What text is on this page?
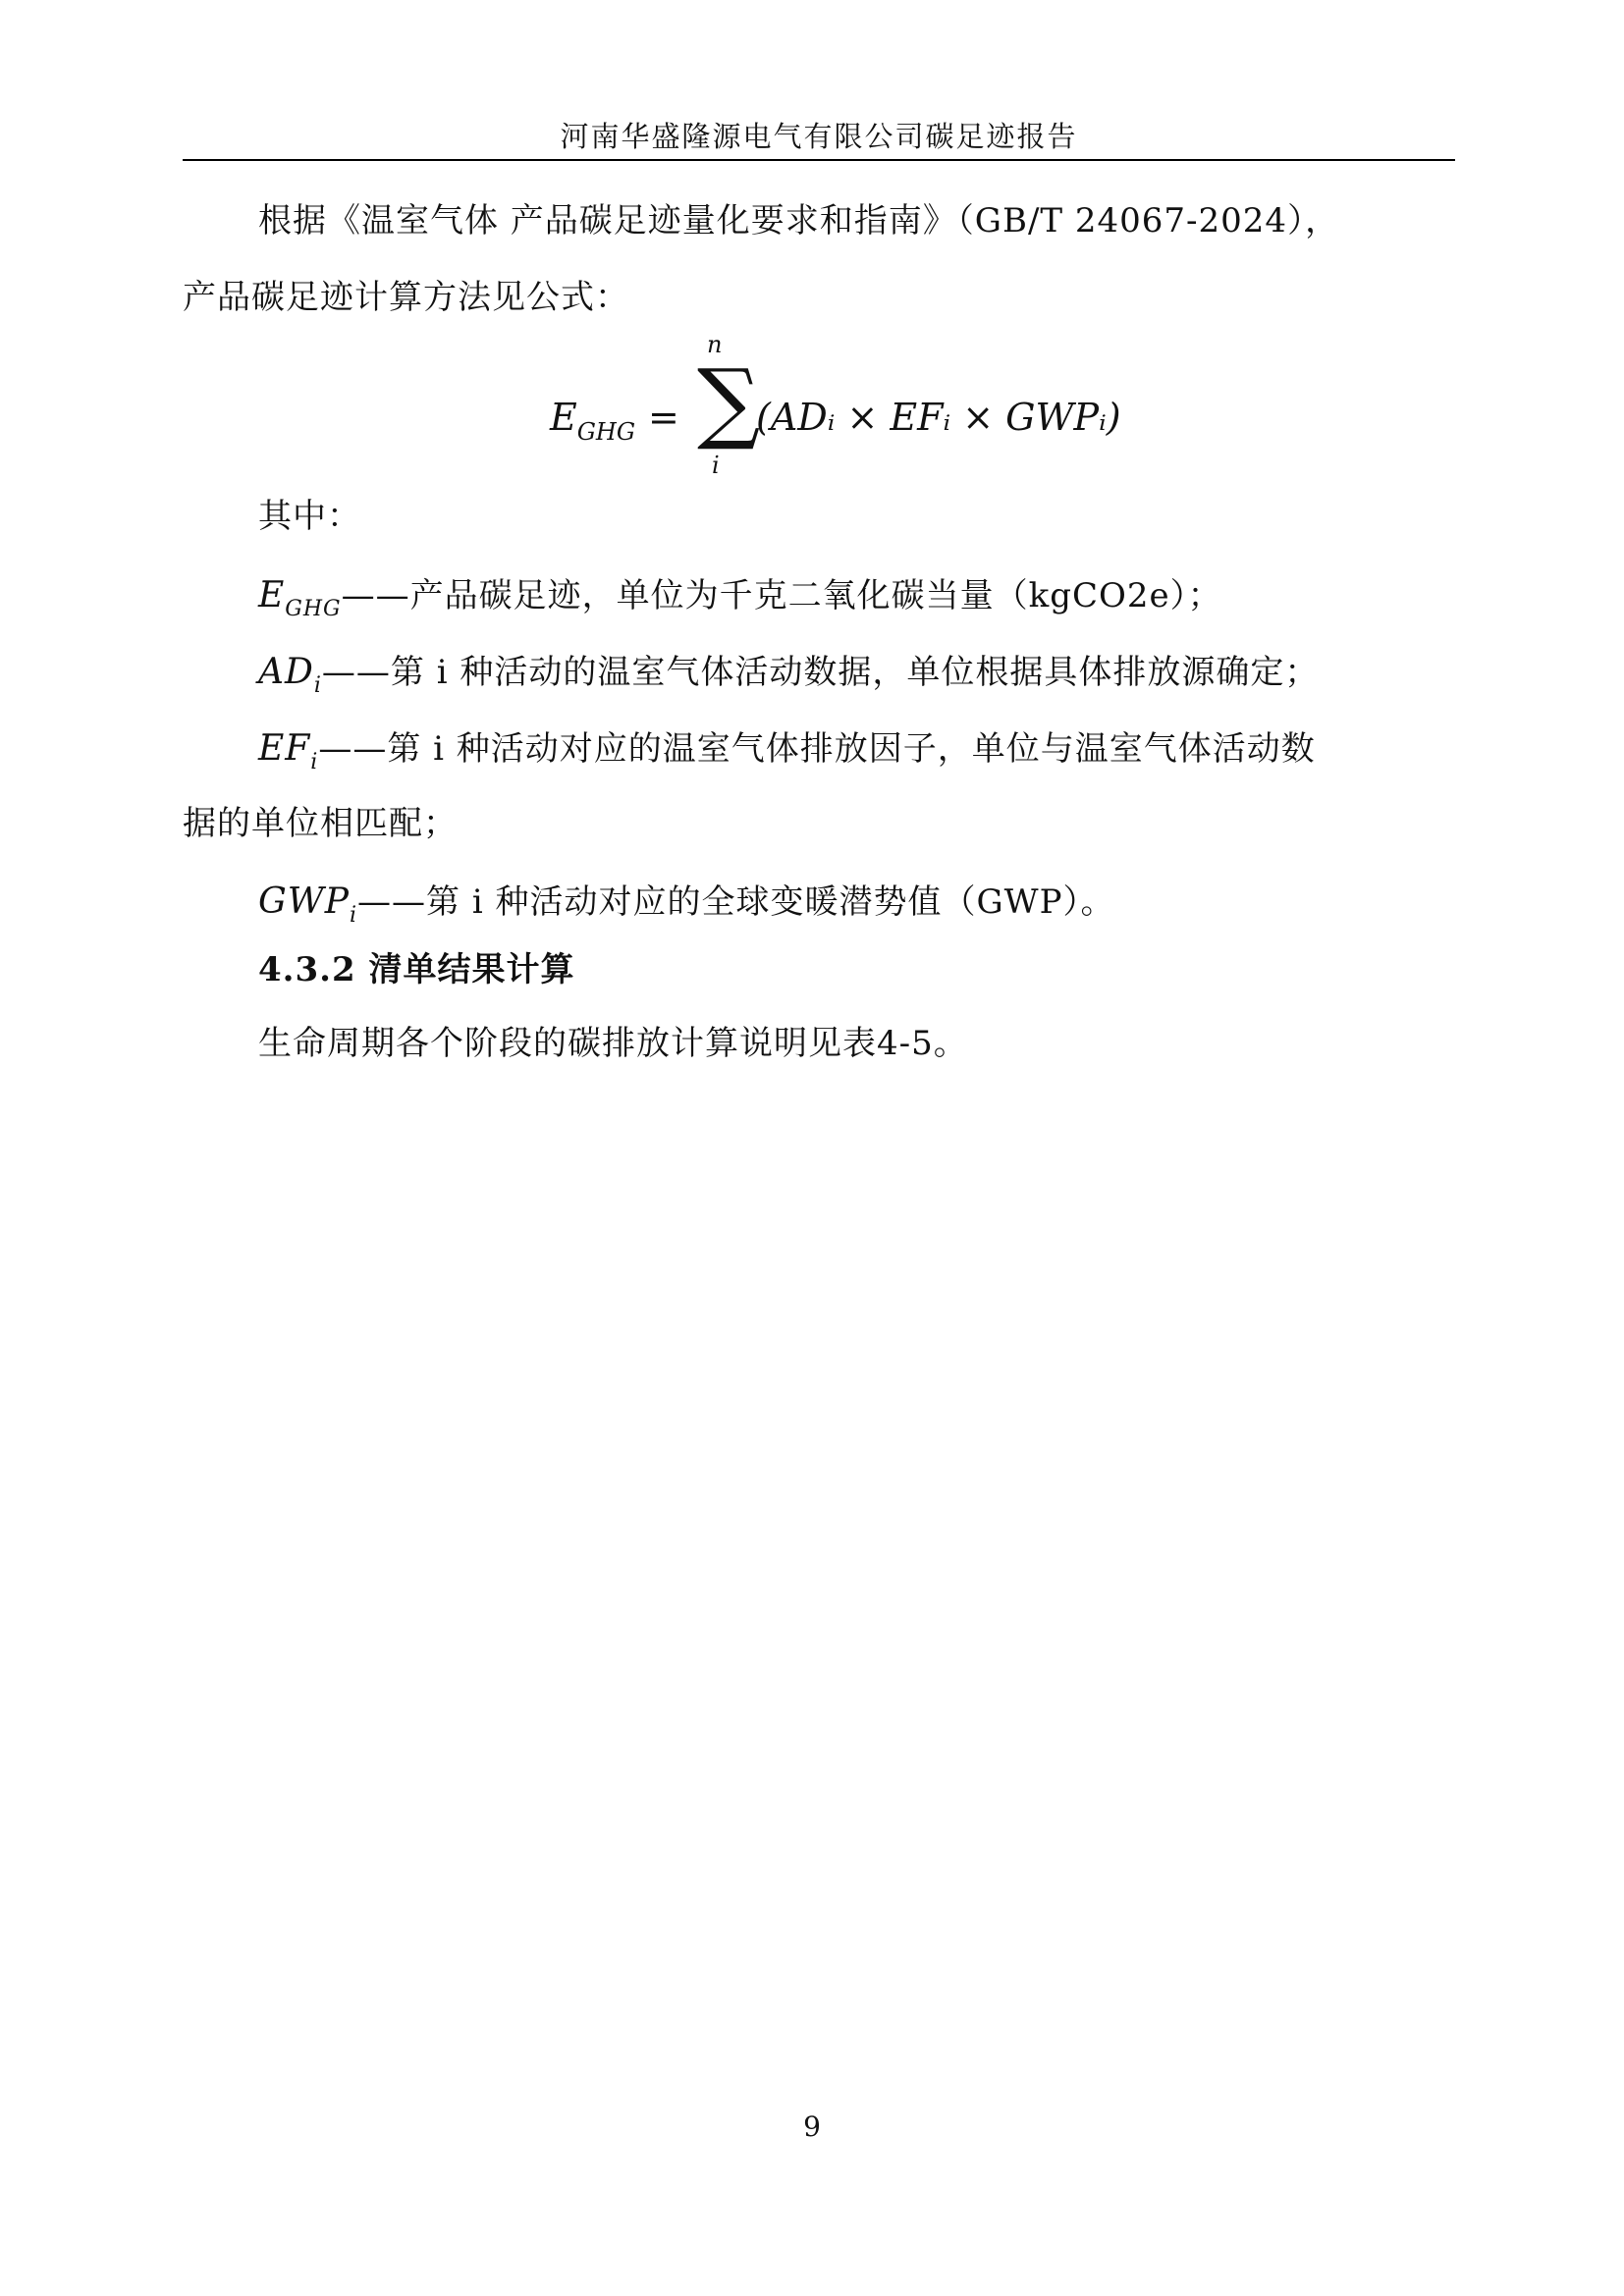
河南华盛隆源电气有限公司碳足迹报告
根据《温室气体 产品碳足迹量化要求和指南》（GB/T 24067-2024），
产品碳足迹计算方法见公式：
$E_{GHG}$ =
n
∑
i
(ADᵢ × EFᵢ × GWPᵢ)
其中：
$E_{GHG}——$产品碳足迹，单位为千克二氧化碳当量（kgCO2e）；
$AD_i——$第 i 种活动的温室气体活动数据，单位根据具体排放源确定；
$EF_i——$第 i 种活动对应的温室气体排放因子，单位与温室气体活动数
据的单位相匹配；
$GWP_i——$第 i 种活动对应的全球变暖潜势值（GWP）。
4.3.2 清单结果计算
生命周期各个阶段的碳排放计算说明见表4-5。
9
